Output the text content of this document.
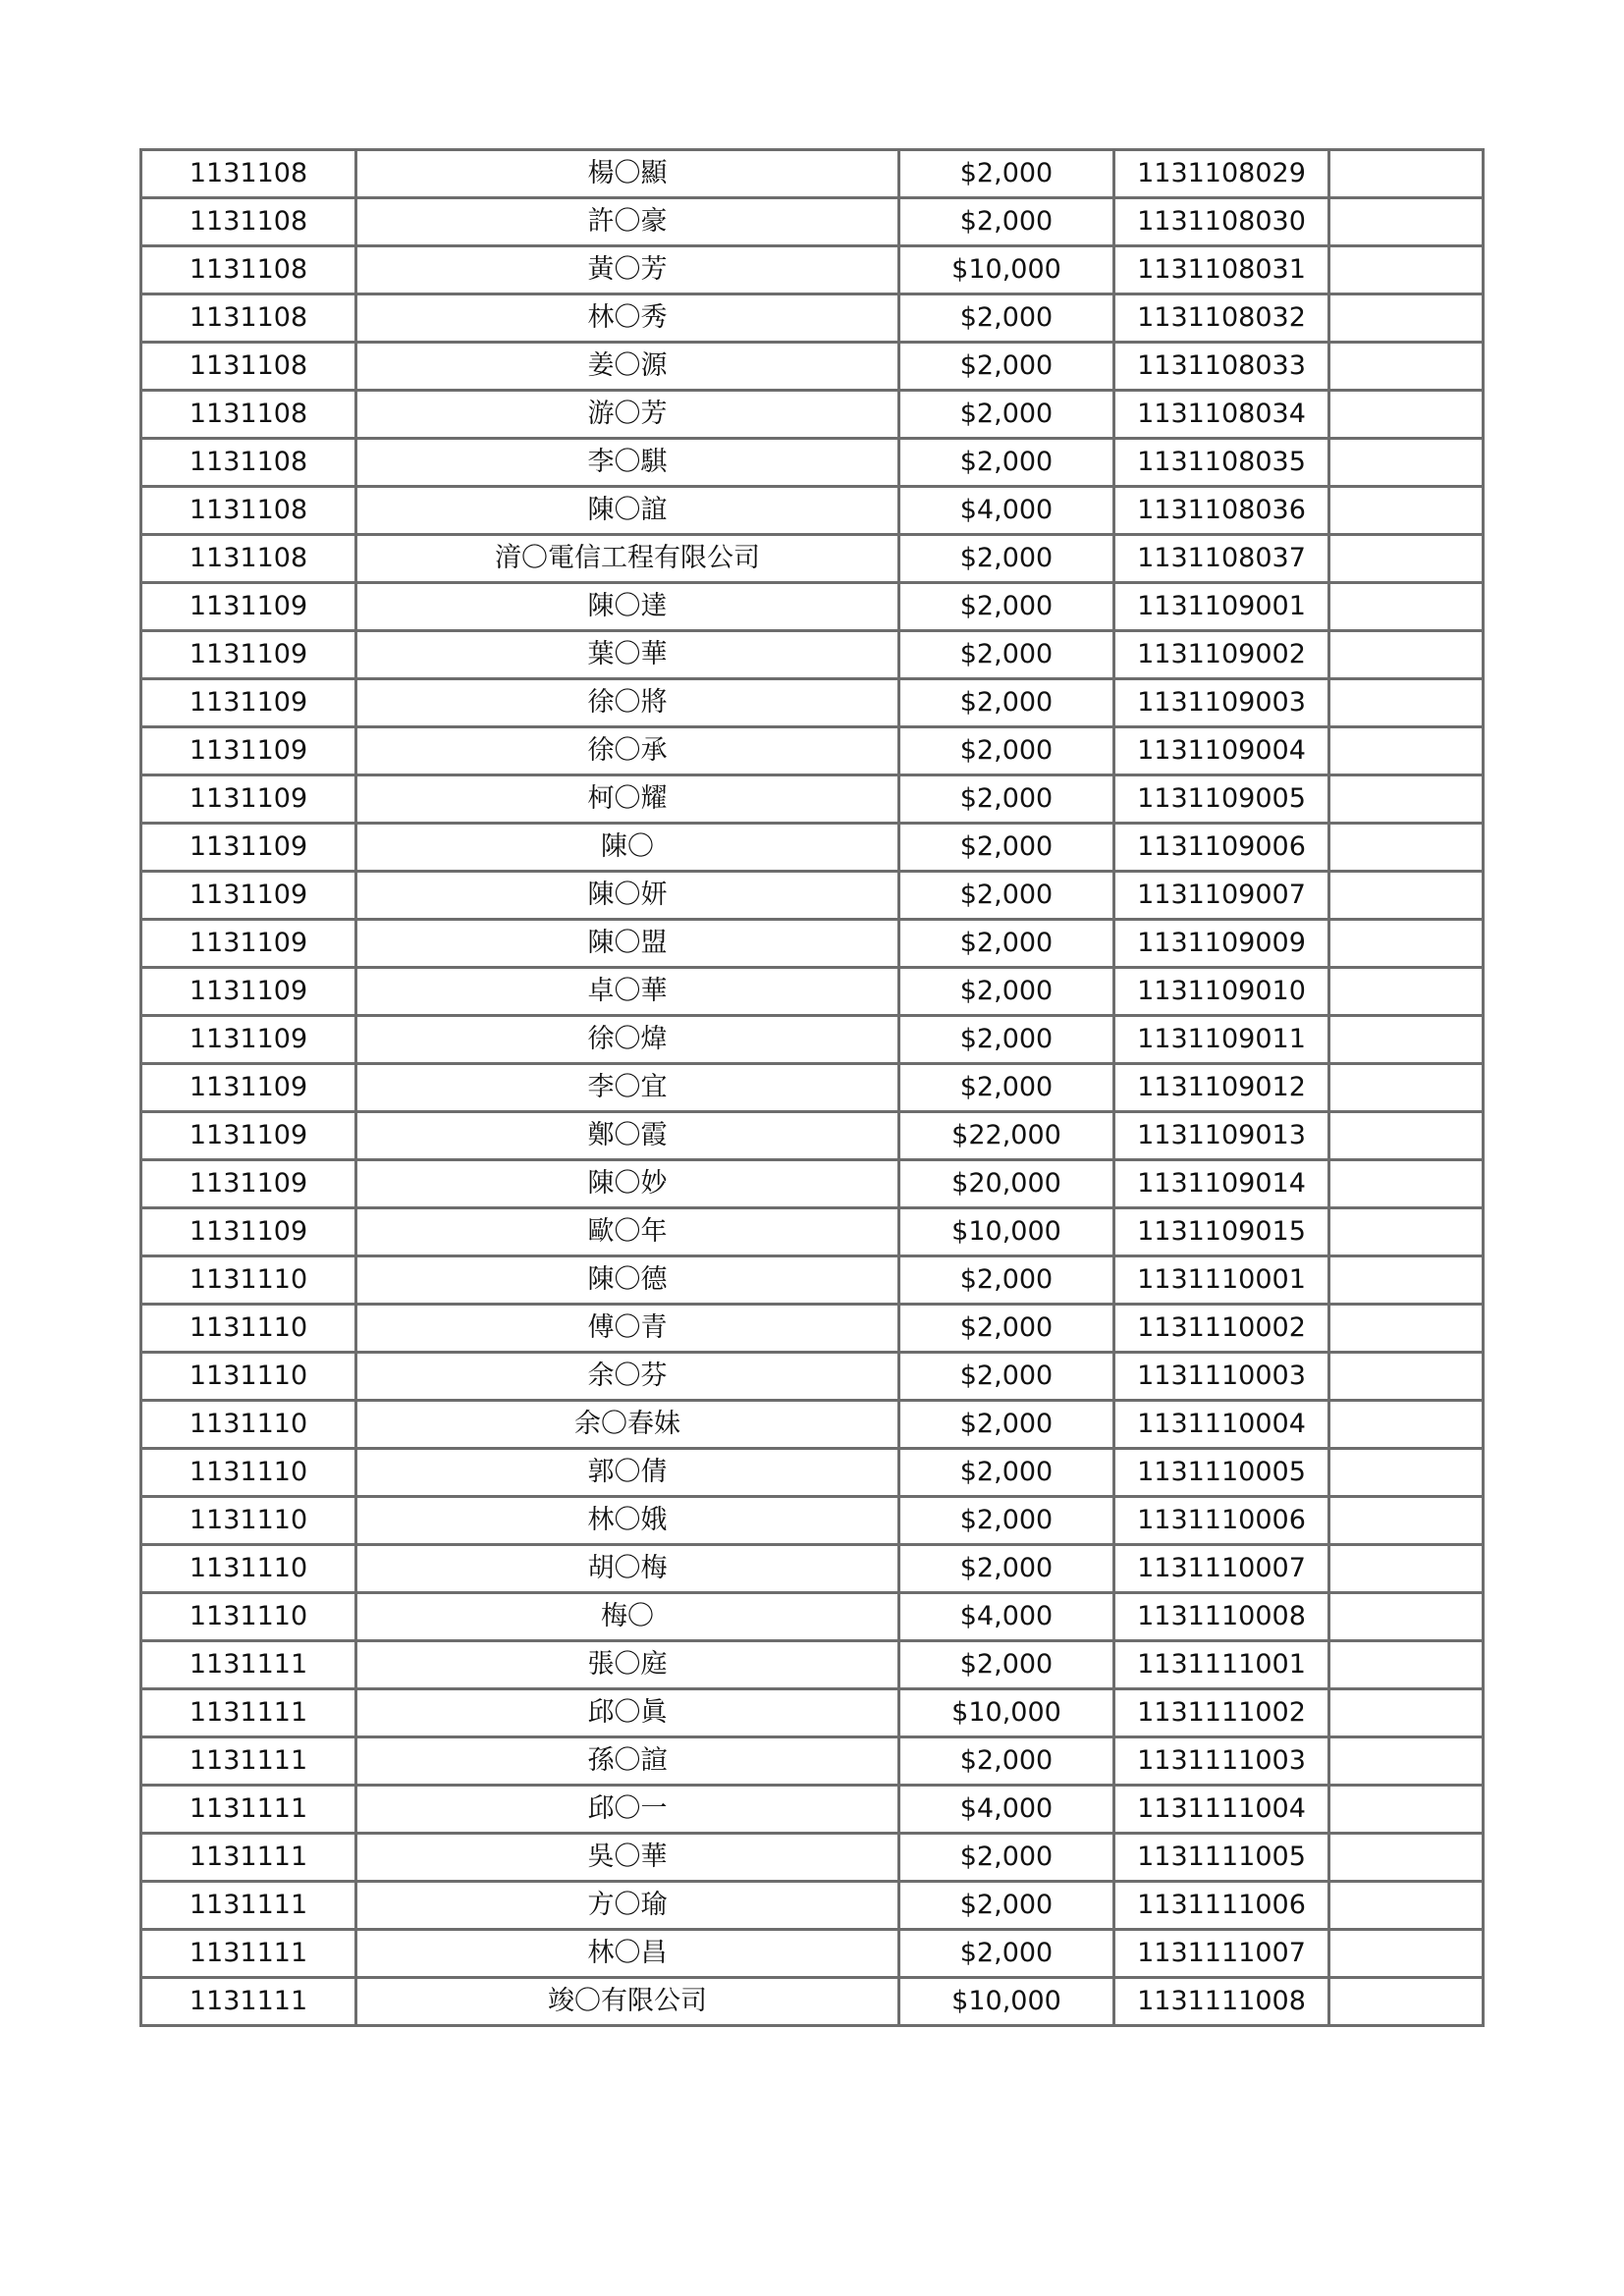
1131108	楊〇顯	$2,000	1131108029	
1131108	許〇豪	$2,000	1131108030	
1131108	黃〇芳	$10,000	1131108031	
1131108	林〇秀	$2,000	1131108032	
1131108	姜〇源	$2,000	1131108033	
1131108	游〇芳	$2,000	1131108034	
1131108	李〇騏	$2,000	1131108035	
1131108	陳〇誼	$4,000	1131108036	
1131108	湇〇電信工程有限公司	$2,000	1131108037	
1131109	陳〇達	$2,000	1131109001	
1131109	葉〇華	$2,000	1131109002	
1131109	徐〇將	$2,000	1131109003	
1131109	徐〇承	$2,000	1131109004	
1131109	柯〇耀	$2,000	1131109005	
1131109	陳〇	$2,000	1131109006	
1131109	陳〇妍	$2,000	1131109007	
1131109	陳〇盟	$2,000	1131109009	
1131109	卓〇華	$2,000	1131109010	
1131109	徐〇煒	$2,000	1131109011	
1131109	李〇宜	$2,000	1131109012	
1131109	鄭〇霞	$22,000	1131109013	
1131109	陳〇妙	$20,000	1131109014	
1131109	歐〇年	$10,000	1131109015	
1131110	陳〇德	$2,000	1131110001	
1131110	傅〇青	$2,000	1131110002	
1131110	余〇芬	$2,000	1131110003	
1131110	余〇春妹	$2,000	1131110004	
1131110	郭〇倩	$2,000	1131110005	
1131110	林〇娥	$2,000	1131110006	
1131110	胡〇梅	$2,000	1131110007	
1131110	梅〇	$4,000	1131110008	
1131111	張〇庭	$2,000	1131111001	
1131111	邱〇眞	$10,000	1131111002	
1131111	孫〇諠	$2,000	1131111003	
1131111	邱〇一	$4,000	1131111004	
1131111	吳〇華	$2,000	1131111005	
1131111	方〇瑜	$2,000	1131111006	
1131111	林〇昌	$2,000	1131111007	
1131111	竣〇有限公司	$10,000	1131111008	
